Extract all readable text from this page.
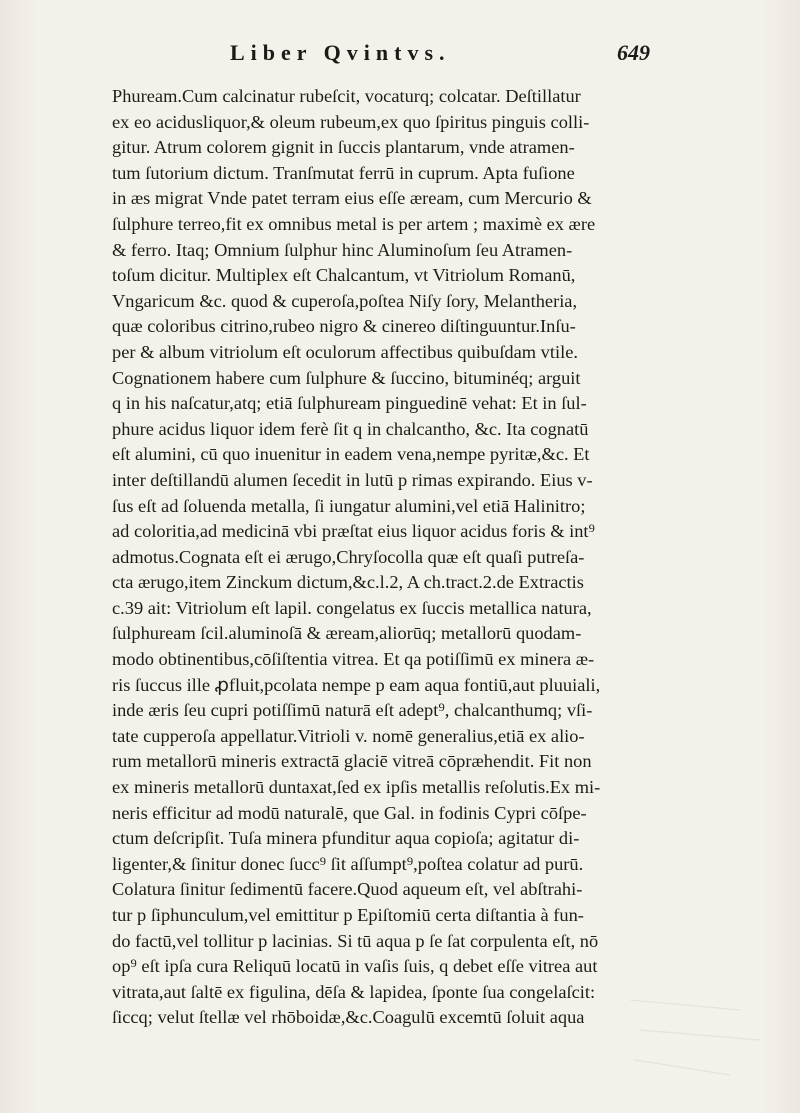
Liber Qvintvs.	649
Phuream.Cum calcinatur rubeſcit, vocaturq; colcatar. Deſtillatur
ex eo acidusliquor,& oleum rubeum,ex quo ſpiritus pinguis colli-
gitur. Atrum colorem gignit in ſuccis plantarum, vnde atramen-
tum ſutorium dictum. Tranſmutat ferrū in cuprum. Apta fuſione
in æs migrat Vnde patet terram eius eſſe æream, cum Mercurio &
ſulphure terreo,fit ex omnibus metal is per artem ; maximè ex ære
& ferro. Itaq; Omnium ſulphur hinc Aluminoſum ſeu Atramen-
toſum dicitur. Multiplex eſt Chalcantum, vt Vitriolum Romanū,
Vngaricum &c. quod & cuperoſa,poſtea Niſy ſory, Melantheria,
quæ coloribus citrino,rubeo nigro & cinereo diſtinguuntur.Inſu-
per & album vitriolum eſt oculorum affectibus quibuſdam vtile.
Cognationem habere cum ſulphure & ſuccino, bituminéq; arguit
q in his naſcatur,atq; etiā ſulphuream pinguedinē vehat: Et in ſul-
phure acidus liquor idem ferè ſit q in chalcantho, &c. Ita cognatū
eſt alumini, cū quo inuenitur in eadem vena,nempe pyritæ,&c. Et
inter deſtillandū alumen ſecedit in lutū p rimas expirando. Eius v-
ſus eſt ad ſoluenda metalla, ſi iungatur alumini,vel etiā Halinitro;
ad coloritia,ad medicinā vbi præſtat eius liquor acidus foris & int⁹
admotus.Cognata eſt ei ærugo,Chryſocolla quæ eſt quaſi putreſa-
cta ærugo,item Zinckum dictum,&c.l.2, A ch.tract.2.de Extractis
c.39 ait: Vitriolum eſt lapil. congelatus ex ſuccis metallica natura,
ſulphuream ſcil.aluminoſā & æream,aliorūq; metallorū quodam-
modo obtinentibus,cōſiſtentia vitrea. Et qa potiſſimū ex minera æ-
ris ſuccus ille ꝓfluit,pcolata nempe p eam aqua fontiū,aut pluuiali,
inde æris ſeu cupri potiſſimū naturā eſt adept⁹, chalcanthumq; vſi-
tate cupperoſa appellatur.Vitrioli v. nomē generalius,etiā ex alio-
rum metallorū mineris extractā glaciē vitreā cōpræhendit. Fit non
ex mineris metallorū duntaxat,ſed ex ipſis metallis reſolutis.Ex mi-
neris efficitur ad modū naturalē, que Gal. in fodinis Cypri cōſpe-
ctum deſcripſit. Tuſa minera pfunditur aqua copioſa; agitatur di-
ligenter,& ſinitur donec ſucc⁹ ſit aſſumpt⁹,poſtea colatur ad purū.
Colatura ſinitur ſedimentū facere.Quod aqueum eſt, vel abſtrahi-
tur p ſiphunculum,vel emittitur p Epiſtomiū certa diſtantia à fun-
do factū,vel tollitur p lacinias. Si tū aqua p ſe ſat corpulenta eſt, nō
op⁹ eſt ipſa cura Reliquū locatū in vaſis ſuis, q debet eſſe vitrea aut
vitrata,aut ſaltē ex figulina, dēſa & lapidea, ſponte ſua congelaſcit:
ſiccq; velut ſtellæ vel rhōboidæ,&c.Coagulū excemtū ſoluit aqua
